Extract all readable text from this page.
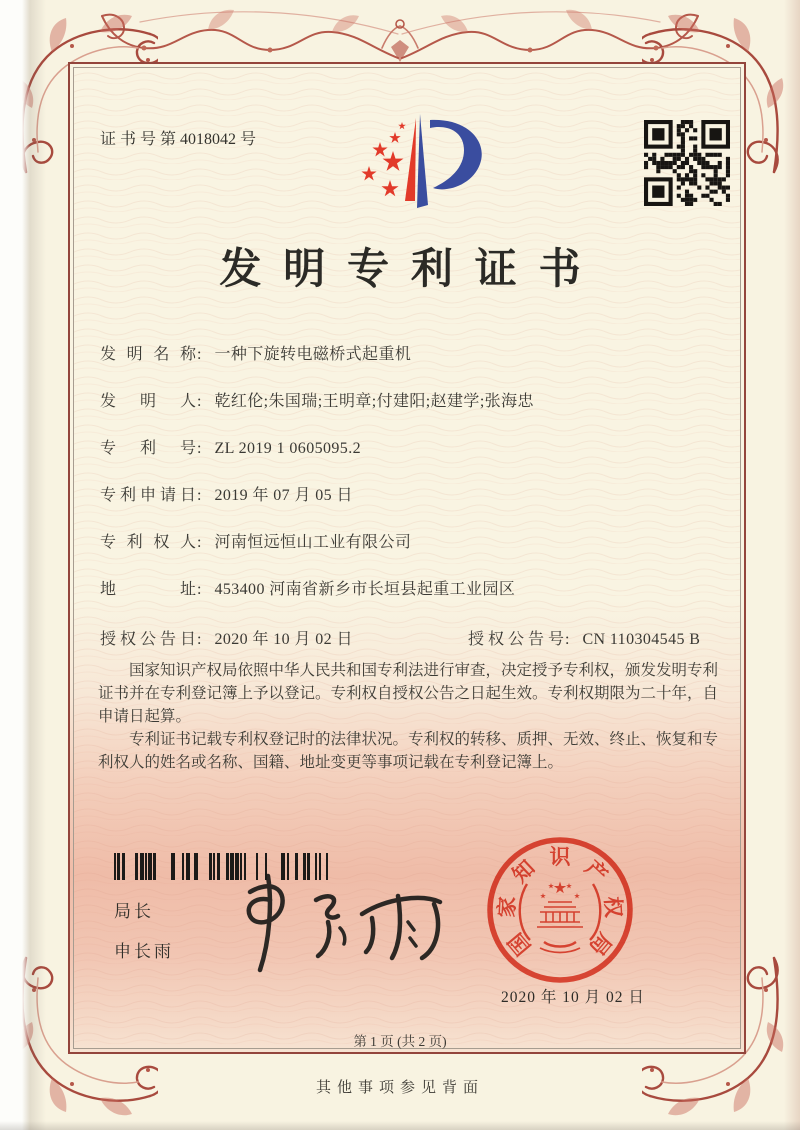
证 书 号 第 4018042 号
发明专利证书
发明名称: 一种下旋转电磁桥式起重机
发明人: 乾红伦;朱国瑞;王明章;付建阳;赵建学;张海忠
专利号: ZL 2019 1 0605095.2
专利申请日: 2019 年 07 月 05 日
专利权人: 河南恒远恒山工业有限公司
地址: 453400 河南省新乡市长垣县起重工业园区
授权公告日: 2020 年 10 月 02 日	授权公告号: CN 110304545 B

国家知识产权局依照中华人民共和国专利法进行审查，决定授予专利权，颁发发明专利证书并在专利登记簿上予以登记。专利权自授权公告之日起生效。专利权期限为二十年，自申请日起算。

专利证书记载专利权登记时的法律状况。专利权的转移、质押、无效、终止、恢复和专利权人的姓名或名称、国籍、地址变更等事项记载在专利登记簿上。

局长
申长雨	国
家
知 识 产
权
局
2020 年 10 月 02 日
第 1 页 (共 2 页)
其他事项参见背面
